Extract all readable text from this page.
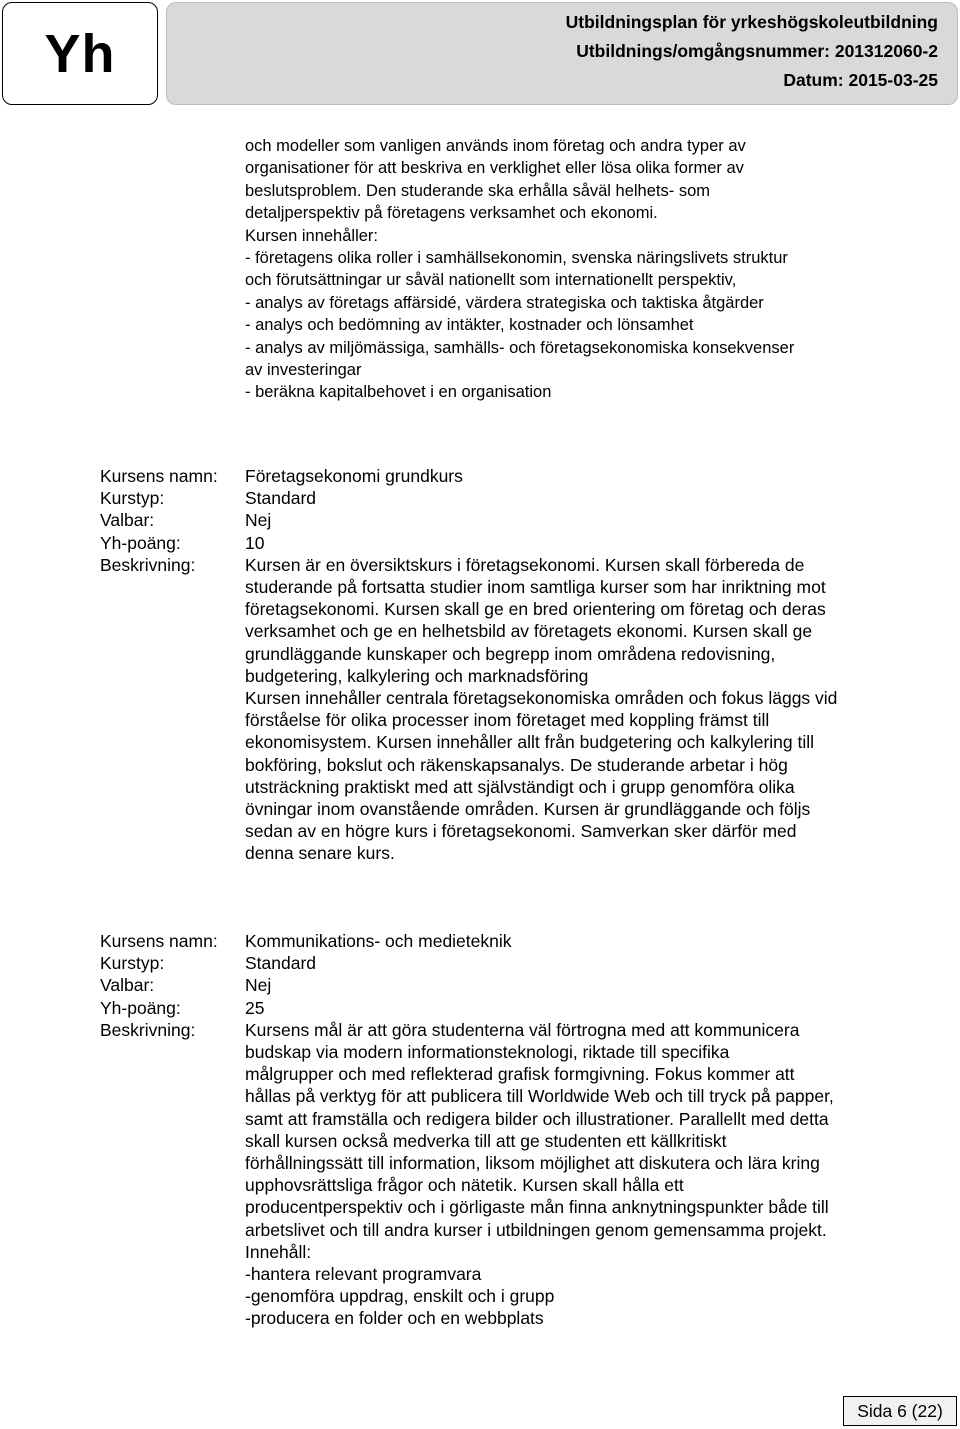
Yh
Utbildningsplan för yrkeshögskoleutbildning
Utbildnings/omgångsnummer: 201312060-2
Datum: 2015-03-25
och modeller som vanligen används inom företag och andra typer av
organisationer för att beskriva en verklighet eller lösa olika former av
beslutsproblem. Den studerande ska erhålla såväl helhets- som
detaljperspektiv på företagens verksamhet och ekonomi.
Kursen innehåller:
- företagens olika roller i samhällsekonomin, svenska näringslivets struktur
och förutsättningar ur såväl nationellt som internationellt perspektiv,
- analys av företags affärsidé, värdera strategiska och taktiska åtgärder
- analys och bedömning av intäkter, kostnader och lönsamhet
- analys av miljömässiga, samhälls- och företagsekonomiska konsekvenser
av investeringar
- beräkna kapitalbehovet i en organisation
Kursens namn:	Företagsekonomi grundkurs
Kurstyp:	Standard
Valbar:	Nej
Yh-poäng:	10
Beskrivning:	Kursen är en översiktskurs i företagsekonomi. Kursen skall förbereda de
studerande på fortsatta studier inom samtliga kurser som har inriktning mot
företagsekonomi. Kursen skall ge en bred orientering om företag och deras
verksamhet och ge en helhetsbild av företagets ekonomi. Kursen skall ge
grundläggande kunskaper och begrepp inom områdena redovisning,
budgetering, kalkylering och marknadsföring
Kursen innehåller centrala företagsekonomiska områden och fokus läggs vid
förståelse för olika processer inom företaget med koppling främst till
ekonomisystem. Kursen innehåller allt från budgetering och kalkylering till
bokföring, bokslut och räkenskapsanalys. De studerande arbetar i hög
utsträckning praktiskt med att självständigt och i grupp genomföra olika
övningar inom ovanstående områden. Kursen är grundläggande och följs
sedan av en högre kurs i företagsekonomi. Samverkan sker därför med
denna senare kurs.
Kursens namn:	Kommunikations- och medieteknik
Kurstyp:	Standard
Valbar:	Nej
Yh-poäng:	25
Beskrivning:	Kursens mål är att göra studenterna väl förtrogna med att kommunicera
budskap via modern informationsteknologi, riktade till specifika
målgrupper och med reflekterad grafisk formgivning. Fokus kommer att
hållas på verktyg för att publicera till Worldwide Web och till tryck på papper,
samt att framställa och redigera bilder och illustrationer. Parallellt med detta
skall kursen också medverka till att ge studenten ett källkritiskt
förhållningssätt till information, liksom möjlighet att diskutera och lära kring
upphovsrättsliga frågor och nätetik. Kursen skall hålla ett
producentperspektiv och i görligaste mån finna anknytningspunkter både till
arbetslivet och till andra kurser i utbildningen genom gemensamma projekt.
Innehåll:
-hantera relevant programvara
-genomföra uppdrag, enskilt och i grupp
-producera en folder och en webbplats
Sida 6 (22)
